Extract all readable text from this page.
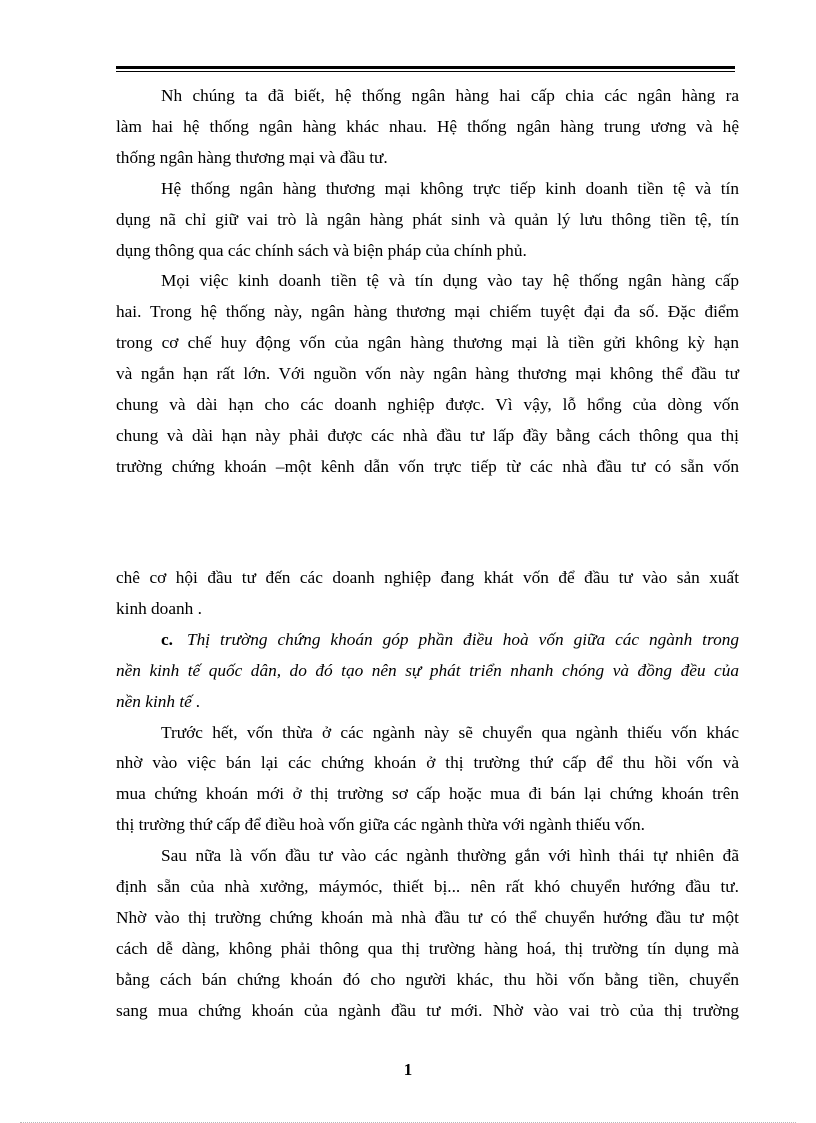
Nh chúng ta đã biết, hệ thống ngân hàng hai cấp chia các ngân hàng ra
làm hai hệ thống ngân hàng khác nhau. Hệ thống ngân hàng trung ương và hệ
thống ngân hàng thương mại và đầu tư.

Hệ thống ngân hàng thương mại không trực tiếp kinh doanh tiền tệ và tín
dụng nã chỉ giữ vai trò là ngân hàng phát sinh và quản lý lưu thông tiền tệ, tín
dụng thông qua các chính sách và biện pháp của chính phủ.

Mọi việc kinh doanh tiền tệ và tín dụng vào tay hệ thống ngân hàng cấp
hai. Trong hệ thống này, ngân hàng thương mại chiếm tuyệt đại đa số. Đặc điểm
trong cơ chế huy động vốn của ngân hàng thương mại là tiền gửi không kỳ hạn
và ngắn hạn rất lớn. Với nguồn vốn này ngân hàng thương mại không thể đầu tư
chung và dài hạn cho các doanh nghiệp được. Vì vậy, lỗ hổng của dòng vốn
chung và dài hạn này phải được các nhà đầu tư lấp đầy bằng cách thông qua thị
trường chứng khoán –một kênh dẫn vốn trực tiếp từ các nhà đầu tư có sẵn vốn

chê cơ hội đầu tư đến các doanh nghiệp đang khát vốn để đầu tư vào sản xuất
kinh doanh .

c. Thị trường chứng khoán góp phần điều hoà vốn giữa các ngành trong
nền kinh tế quốc dân, do đó tạo nên sự phát triển nhanh chóng và đồng đều của
nền kinh tế .

Trước hết, vốn thừa ở các ngành này sẽ chuyển qua ngành thiếu vốn khác
nhờ vào việc bán lại các chứng khoán ở thị trường thứ cấp để thu hồi vốn và
mua chứng khoán mới ở thị trường sơ cấp hoặc mua đi bán lại chứng khoán trên
thị trường thứ cấp để điều hoà vốn giữa các ngành thừa với ngành thiếu vốn.

Sau nữa là vốn đầu tư vào các ngành thường gắn với hình thái tự nhiên đã
định sẵn của nhà xưởng, máymóc, thiết bị... nên rất khó chuyển hướng đầu tư.
Nhờ vào thị trường chứng khoán mà nhà đầu tư có thể chuyển hướng đầu tư một
cách dễ dàng, không phải thông qua thị trường hàng hoá, thị trường tín dụng mà
bằng cách bán chứng khoán đó cho người khác, thu hồi vốn bằng tiền, chuyển
sang mua chứng khoán của ngành đầu tư mới. Nhờ vào vai trò của thị trường

1
